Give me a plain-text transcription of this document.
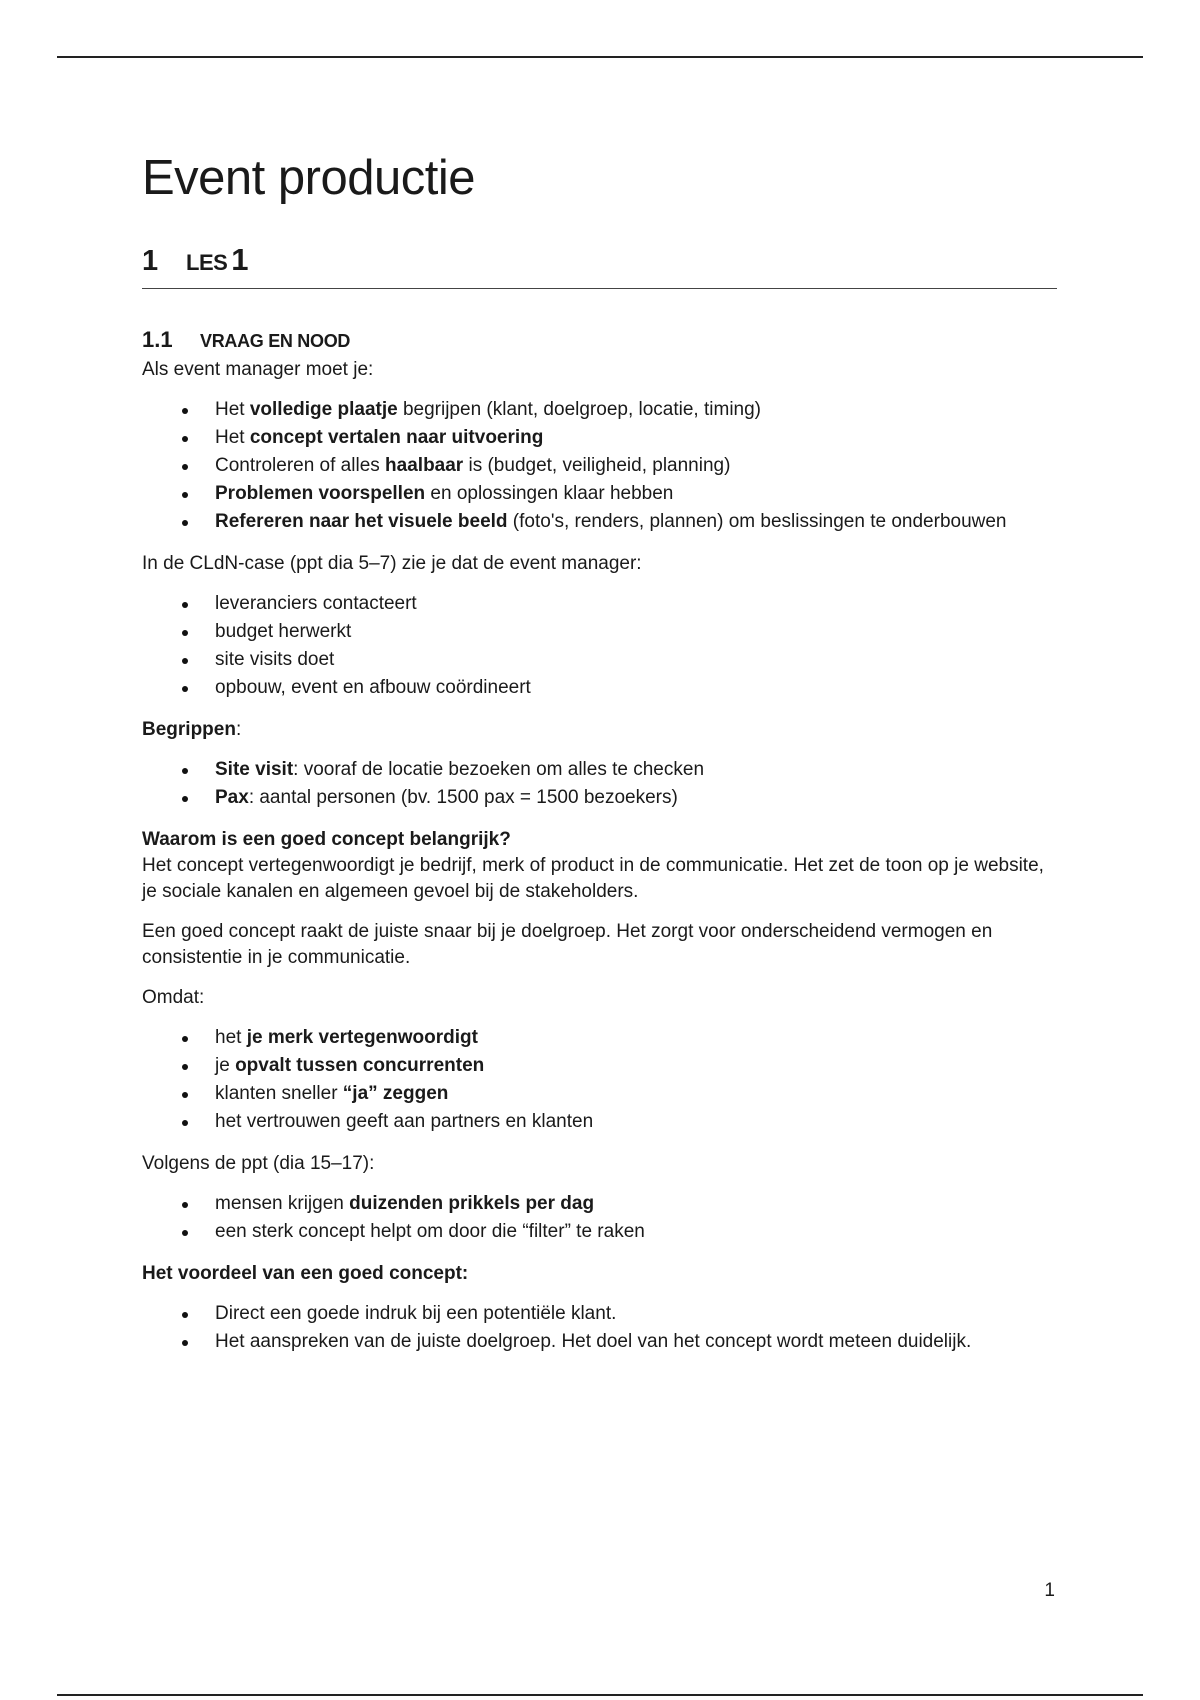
Event productie
1	LES 1
1.1	VRAAG EN NOOD

Als event manager moet je:

Het volledige plaatje begrijpen (klant, doelgroep, locatie, timing)
Het concept vertalen naar uitvoering
Controleren of alles haalbaar is (budget, veiligheid, planning)
Problemen voorspellen en oplossingen klaar hebben
Refereren naar het visuele beeld (foto's, renders, plannen) om beslissingen te onderbouwen

In de CLdN-case (ppt dia 5–7) zie je dat de event manager:

leveranciers contacteert
budget herwerkt
site visits doet
opbouw, event en afbouw coördineert

Begrippen:

Site visit: vooraf de locatie bezoeken om alles te checken
Pax: aantal personen (bv. 1500 pax = 1500 bezoekers)

Waarom is een goed concept belangrijk?

Het concept vertegenwoordigt je bedrijf, merk of product in de communicatie. Het zet de toon op je website, je sociale kanalen en algemeen gevoel bij de stakeholders.

Een goed concept raakt de juiste snaar bij je doelgroep. Het zorgt voor onderscheidend vermogen en consistentie in je communicatie.

Omdat:

het je merk vertegenwoordigt
je opvalt tussen concurrenten
klanten sneller “ja” zeggen
het vertrouwen geeft aan partners en klanten

Volgens de ppt (dia 15–17):

mensen krijgen duizenden prikkels per dag
een sterk concept helpt om door die “filter” te raken

Het voordeel van een goed concept:

Direct een goede indruk bij een potentiële klant.
Het aanspreken van de juiste doelgroep. Het doel van het concept wordt meteen duidelijk.
1
